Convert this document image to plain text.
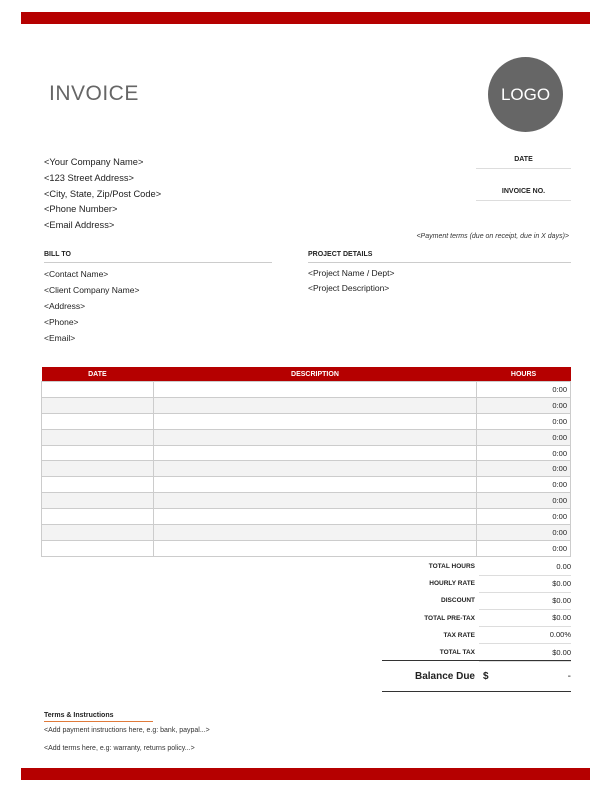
INVOICE	LOGO
<Your Company Name>
<123 Street Address>
<City, State, Zip/Post Code>
<Phone Number>
<Email Address>
DATE
INVOICE NO.
<Payment terms (due on receipt, due in X days)>
BILL TO	PROJECT DETAILS
<Contact Name>
<Client Company Name>
<Address>
<Phone>
<Email>
<Project Name / Dept>
<Project Description>
DATE	DESCRIPTION	HOURS
		0:00
		0:00
		0:00
		0:00
		0:00
		0:00
		0:00
		0:00
		0:00
		0:00
		0:00
TOTAL HOURS	0.00
HOURLY RATE	$0.00
DISCOUNT	$0.00
TOTAL PRE-TAX	$0.00
TAX RATE	0.00%
TOTAL TAX	$0.00
Balance Due $	-
Terms & Instructions
<Add payment instructions here, e.g: bank, paypal...>
<Add terms here, e.g: warranty, returns policy...>
